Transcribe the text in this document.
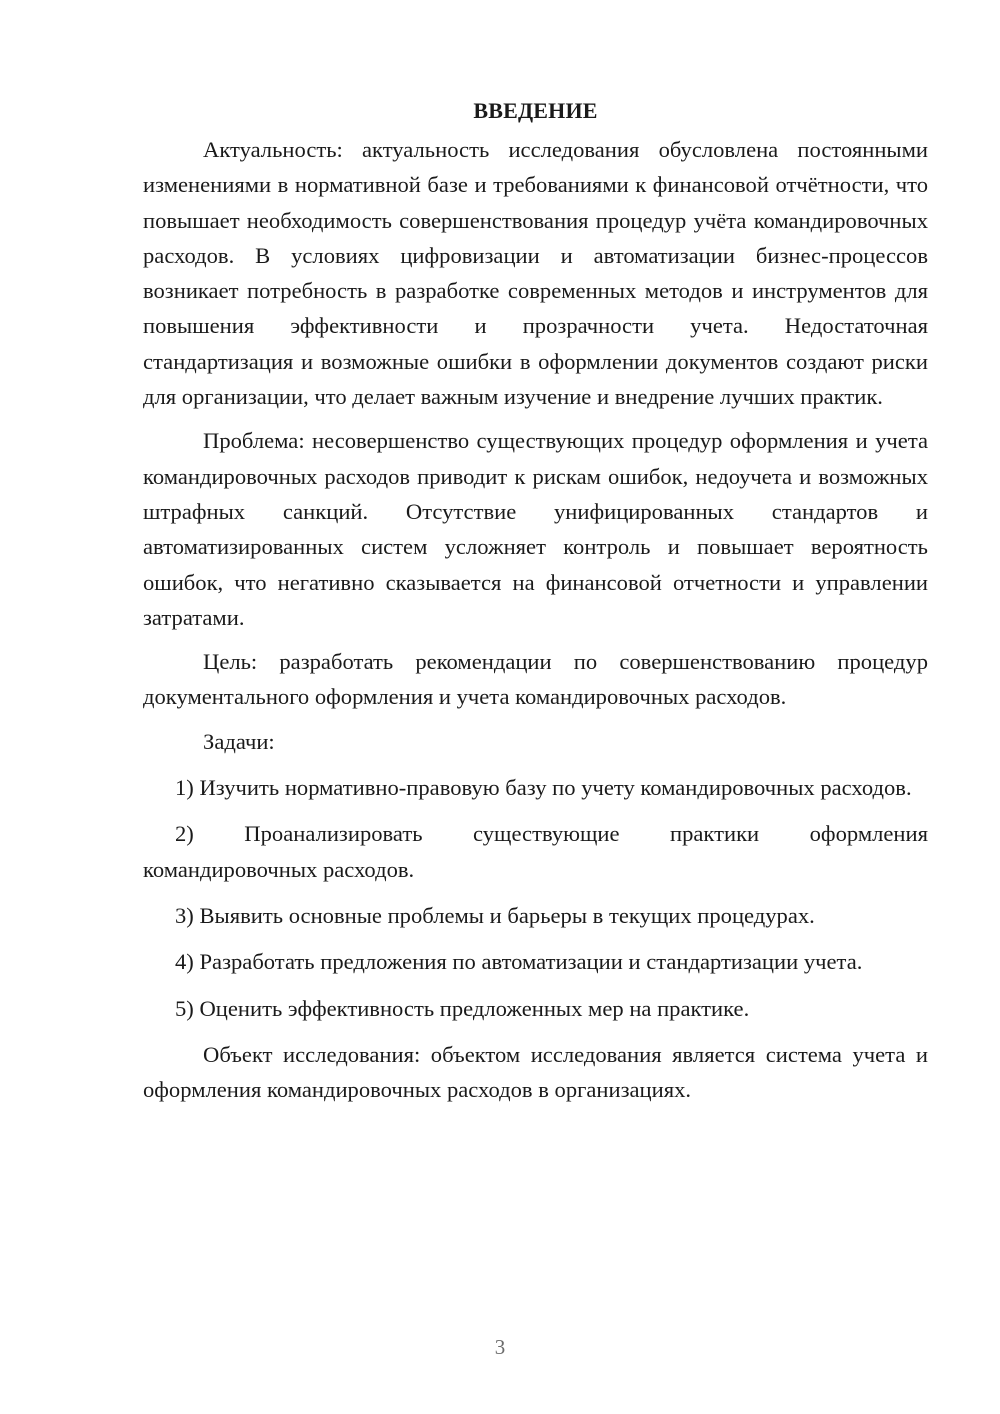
ВВЕДЕНИЕ

Актуальность: актуальность исследования обусловлена постоянными изменениями в нормативной базе и требованиями к финансовой отчётности, что повышает необходимость совершенствования процедур учёта командировочных расходов. В условиях цифровизации и автоматизации бизнес-процессов возникает потребность в разработке современных методов и инструментов для повышения эффективности и прозрачности учета. Недостаточная стандартизация и возможные ошибки в оформлении документов создают риски для организации, что делает важным изучение и внедрение лучших практик.

Проблема: несовершенство существующих процедур оформления и учета командировочных расходов приводит к рискам ошибок, недоучета и возможных штрафных санкций. Отсутствие унифицированных стандартов и автоматизированных систем усложняет контроль и повышает вероятность ошибок, что негативно сказывается на финансовой отчетности и управлении затратами.

Цель: разработать рекомендации по совершенствованию процедур документального оформления и учета командировочных расходов.

Задачи:

1) Изучить нормативно-правовую базу по учету командировочных расходов.

2) Проанализировать существующие практики оформления командировочных расходов.

3) Выявить основные проблемы и барьеры в текущих процедурах.

4) Разработать предложения по автоматизации и стандартизации учета.

5) Оценить эффективность предложенных мер на практике.

Объект исследования: объектом исследования является система учета и оформления командировочных расходов в организациях.

3
